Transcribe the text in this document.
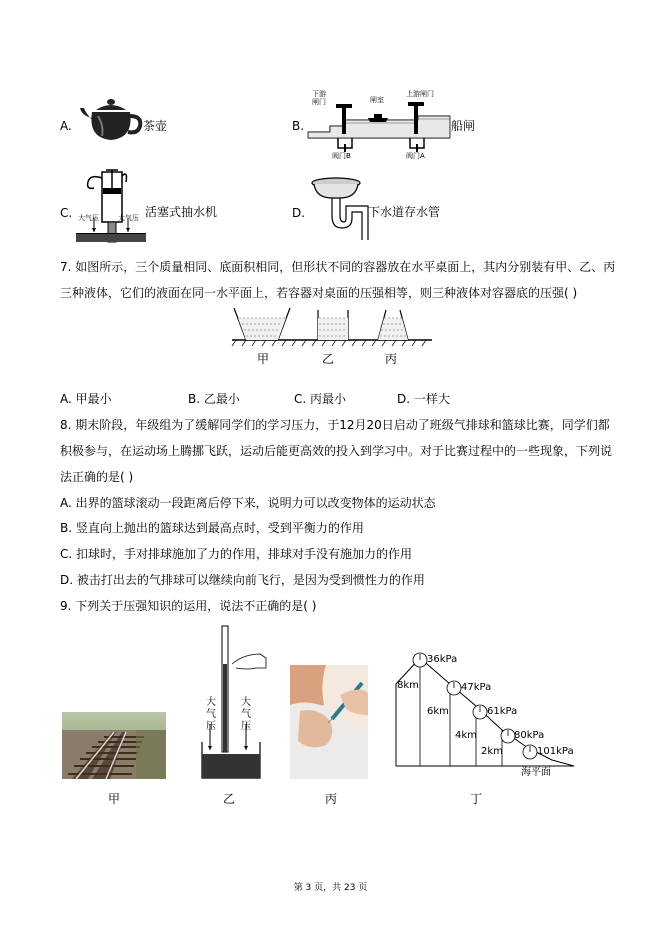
A.	茶壶	B.
下游
闸门	闸室
上游闸门
阀门B	阀门A
船闸
C. 大气压	大气压 活塞式抽水机	D.	下水道存水管
7. 如图所示，三个质量相同、底面积相同，但形状不同的容器放在水平桌面上，其内分别装有甲、乙、丙
三种液体，它们的液面在同一水平面上，若容器对桌面的压强相等，则三种液体对容器底的压强( )
甲	乙	丙
A. 甲最小	B. 乙最小	C. 丙最小	D. 一样大
8. 期末阶段，年级组为了缓解同学们的学习压力，于12月20日启动了班级气排球和篮球比赛，同学们都
积极参与，在运动场上腾挪飞跃，运动后能更高效的投入到学习中。对于比赛过程中的一些现象，下列说
法正确的是( )
A. 出界的篮球滚动一段距离后停下来，说明力可以改变物体的运动状态
B. 竖直向上抛出的篮球达到最高点时，受到平衡力的作用
C. 扣球时，手对排球施加了力的作用，排球对手没有施加力的作用
D. 被击打出去的气排球可以继续向前飞行，是因为受到惯性力的作用
9. 下列关于压强知识的运用，说法不正确的是( )
大
气
压
大
气
压
36kPa
47kPa
61kPa
80kPa
101kPa
8km
6km
4km
2km
海平面
甲	乙	丙	丁
第 3 页，共 23 页
